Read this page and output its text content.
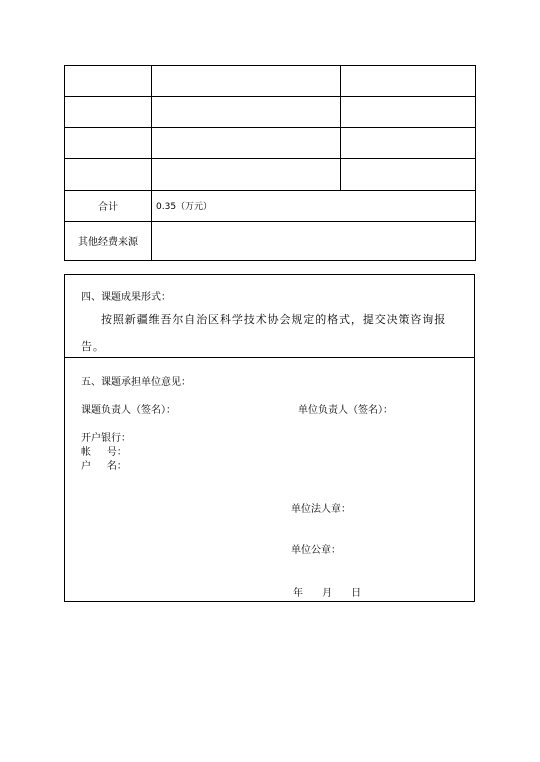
合计	0.35（万元）	
其他经费来源		
四、课题成果形式：
按照新疆维吾尔自治区科学技术协会规定的格式，提交决策咨询报
告。
五、课题承担单位意见：
课题负责人（签名）：	单位负责人（签名）：
开户银行：
帐     号：
户     名：
单位法人章：
单位公章：
年      月      日
